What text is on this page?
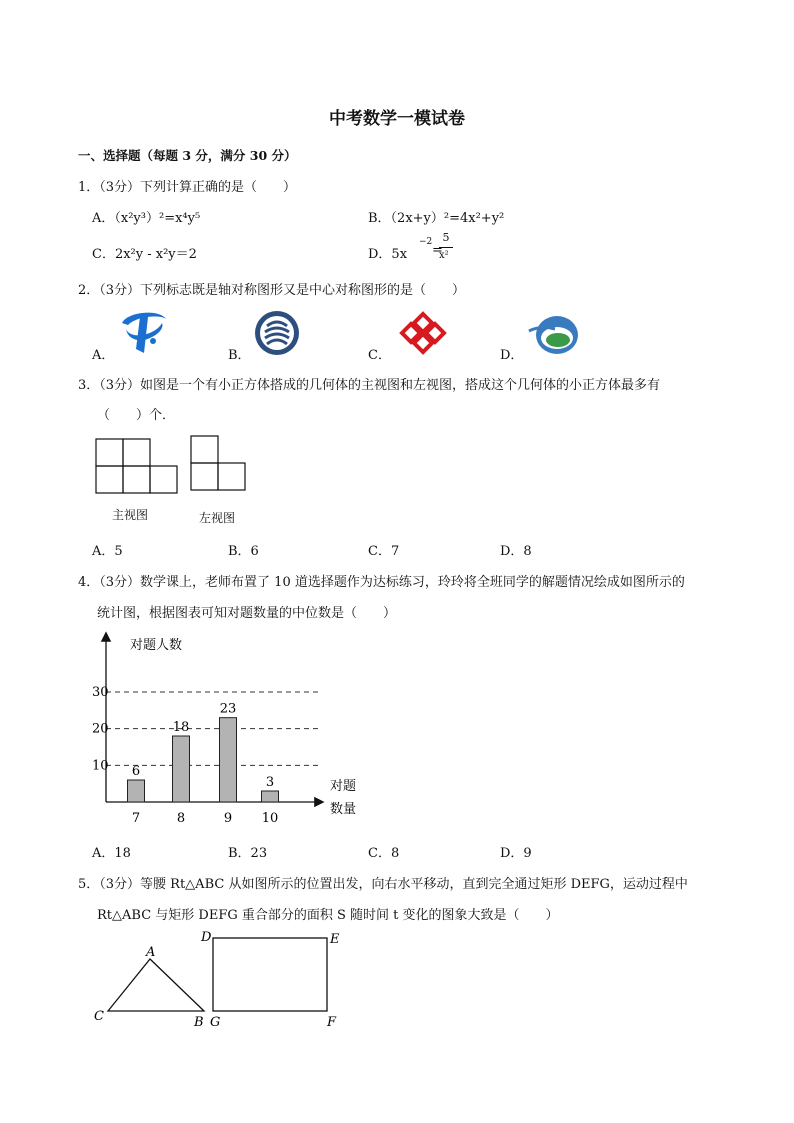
中考数学一模试卷
一、选择题（每题 3 分，满分 30 分）
1．（3分）下列计算正确的是（　　）
A．（x²y³）²=x⁴y⁵	B．（2x+y）²=4x²+y²
C．2x²y - x²y＝2	D．5x
−2
=
5
x²
2．（3分）下列标志既是轴对称图形又是中心对称图形的是（　　）
A．	B．	C．	D．
3．（3分）如图是一个有小正方体搭成的几何体的主视图和左视图，搭成这个几何体的小正方体最多有
（　　）个．
主视图	左视图
A．5	B．6	C．7	D．8
4．（3分）数学课上，老师布置了 10 道选择题作为达标练习，玲玲将全班同学的解题情况绘成如图所示的
统计图，根据图表可知对题数量的中位数是（　　）
对题人数
对题
数量
10
20
30
6
18
23
3
7	8	9 10
A．18	B．23	C．8	D．9
5．（3分）等腰 Rt△ABC 从如图所示的位置出发，向右水平移动，直到完全通过矩形 DEFG，运动过程中
Rt△ABC 与矩形 DEFG 重合部分的面积 S 随时间 t 变化的图象大致是（　　）
A
C	B
D	E
G	F
